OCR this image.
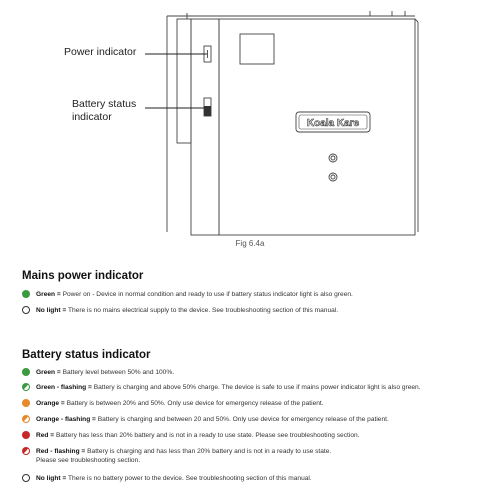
Koala Kare
Power indicator
Battery status
indicator
Fig 6.4a
Mains power indicator
Green = Power on - Device in normal condition and ready to use if battery status indicator light is also green.
No light = There is no mains electrical supply to the device. See troubleshooting section of this manual.
Battery status indicator
Green = Battery level between 50% and 100%.
Green - flashing = Battery is charging and above 50% charge. The device is safe to use if mains power indicator light is also green.
Orange = Battery is between 20% and 50%. Only use device for emergency release of the patient.
Orange - flashing = Battery is charging and between 20 and 50%. Only use device for emergency release of the patient.
Red = Battery has less than 20% battery and is not in a ready to use state. Please see troubleshooting section.
Red - flashing = Battery is charging and has less than 20% battery and is not in a ready to use state.
Please see troubleshooting section.
No light = There is no battery power to the device. See troubleshooting section of this manual.
